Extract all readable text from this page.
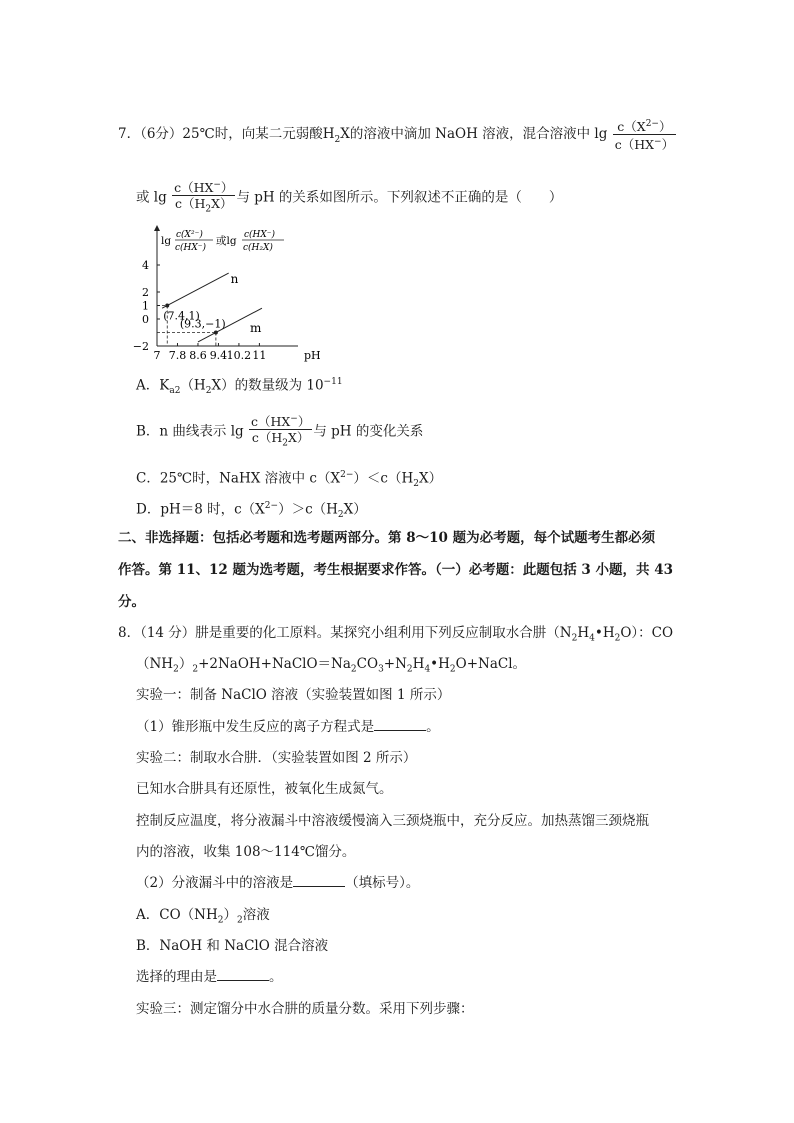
7．（6分）25℃时，向某二元弱酸$H_2X$的溶液中滴加 NaOH 溶液，混合溶液中 $\lg \frac{c(X^{2-})}{c(HX^-)}$
或 $\lg \frac{c(HX^-)}{c(H_2X)}$ 与 pH 的关系如图所示。下列叙述不正确的是（　　）
lg c(X²⁻)
c(HX⁻)
或lg c(HX⁻)
c(H₂X)
7 7.8 8.6 9.4 10.2 11
4
2
1
0
−2
n
m
(7.4,1)
(9.3,−1)
pH
A．$K_{a2}(H_2X)$的数量级为 $10^{-11}$
B．n 曲线表示 $\lg \frac{c(HX^-)}{c(H_2X)}$ 与 pH 的变化关系
C．25℃时，NaHX 溶液中 $c(X^{2-})<c(H_2X)$
D．pH＝8 时，$c(X^{2-})>c(H_2X)$
二、非选择题：包括必考题和选考题两部分。第 8～10 题为必考题，每个试题考生都必须
作答。第 11、12 题为选考题，考生根据要求作答。（一）必考题：此题包括 3 小题，共 43
分。
8．（14 分）肼是重要的化工原料。某探究小组利用下列反应制取水合肼$(N_2H_4•H_2O)$：CO
$(NH_2)_2+2NaOH+NaClO=Na_2CO_3+N_2H_4•H_2O+NaCl$。
实验一：制备 NaClO 溶液（实验装置如图 1 所示）
（1）锥形瓶中发生反应的离子方程式是	。
实验二：制取水合肼．（实验装置如图 2 所示）
已知水合肼具有还原性，被氧化生成氮气。
控制反应温度，将分液漏斗中溶液缓慢滴入三颈烧瓶中，充分反应。加热蒸馏三颈烧瓶
内的溶液，收集 108～114℃馏分。
（2）分液漏斗中的溶液是	（填标号）。
A．$CO(NH_2)_2$溶液
B．NaOH 和 NaClO 混合溶液
选择的理由是	。
实验三：测定馏分中水合肼的质量分数。采用下列步骤：
